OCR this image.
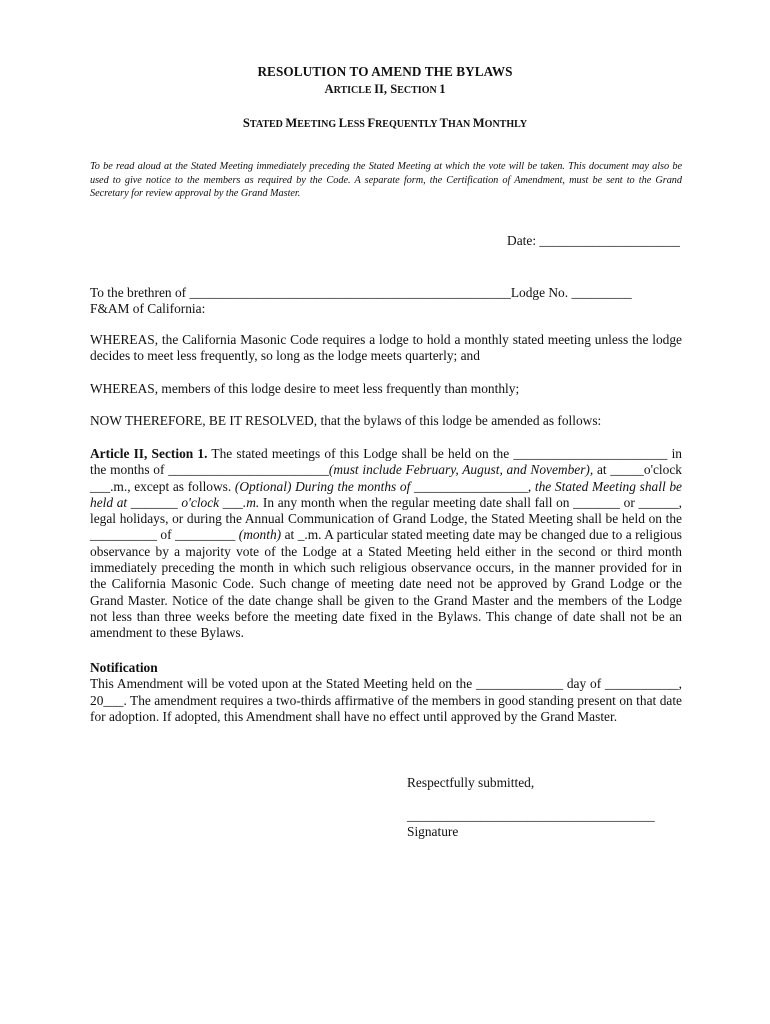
RESOLUTION TO AMEND THE BYLAWS
ARTICLE II, SECTION 1
STATED MEETING LESS FREQUENTLY THAN MONTHLY
To be read aloud at the Stated Meeting immediately preceding the Stated Meeting at which the vote will be taken. This document may also be used to give notice to the members as required by the Code. A separate form, the Certification of Amendment, must be sent to the Grand Secretary for review approval by the Grand Master.
Date: _____________________
To the brethren of ________________________________________________Lodge No. _________
F&AM of California:
WHEREAS, the California Masonic Code requires a lodge to hold a monthly stated meeting unless the lodge decides to meet less frequently, so long as the lodge meets quarterly; and
WHEREAS, members of this lodge desire to meet less frequently than monthly;
NOW THEREFORE, BE IT RESOLVED, that the bylaws of this lodge be amended as follows:
Article II, Section 1. The stated meetings of this Lodge shall be held on the _______________________ in the months of ________________________(must include February, August, and November), at _____o'clock ___.m., except as follows. (Optional) During the months of _________________, the Stated Meeting shall be held at _______ o'clock ___.m. In any month when the regular meeting date shall fall on _______ or ______, legal holidays, or during the Annual Communication of Grand Lodge, the Stated Meeting shall be held on the __________ of _________ (month) at _.m. A particular stated meeting date may be changed due to a religious observance by a majority vote of the Lodge at a Stated Meeting held either in the second or third month immediately preceding the month in which such religious observance occurs, in the manner provided for in the California Masonic Code. Such change of meeting date need not be approved by Grand Lodge or the Grand Master. Notice of the date change shall be given to the Grand Master and the members of the Lodge not less than three weeks before the meeting date fixed in the Bylaws. This change of date shall not be an amendment to these Bylaws.
Notification
This Amendment will be voted upon at the Stated Meeting held on the _____________ day of ___________, 20___. The amendment requires a two-thirds affirmative of the members in good standing present on that date for adoption. If adopted, this Amendment shall have no effect until approved by the Grand Master.
Respectfully submitted,
_____________________________________
Signature
